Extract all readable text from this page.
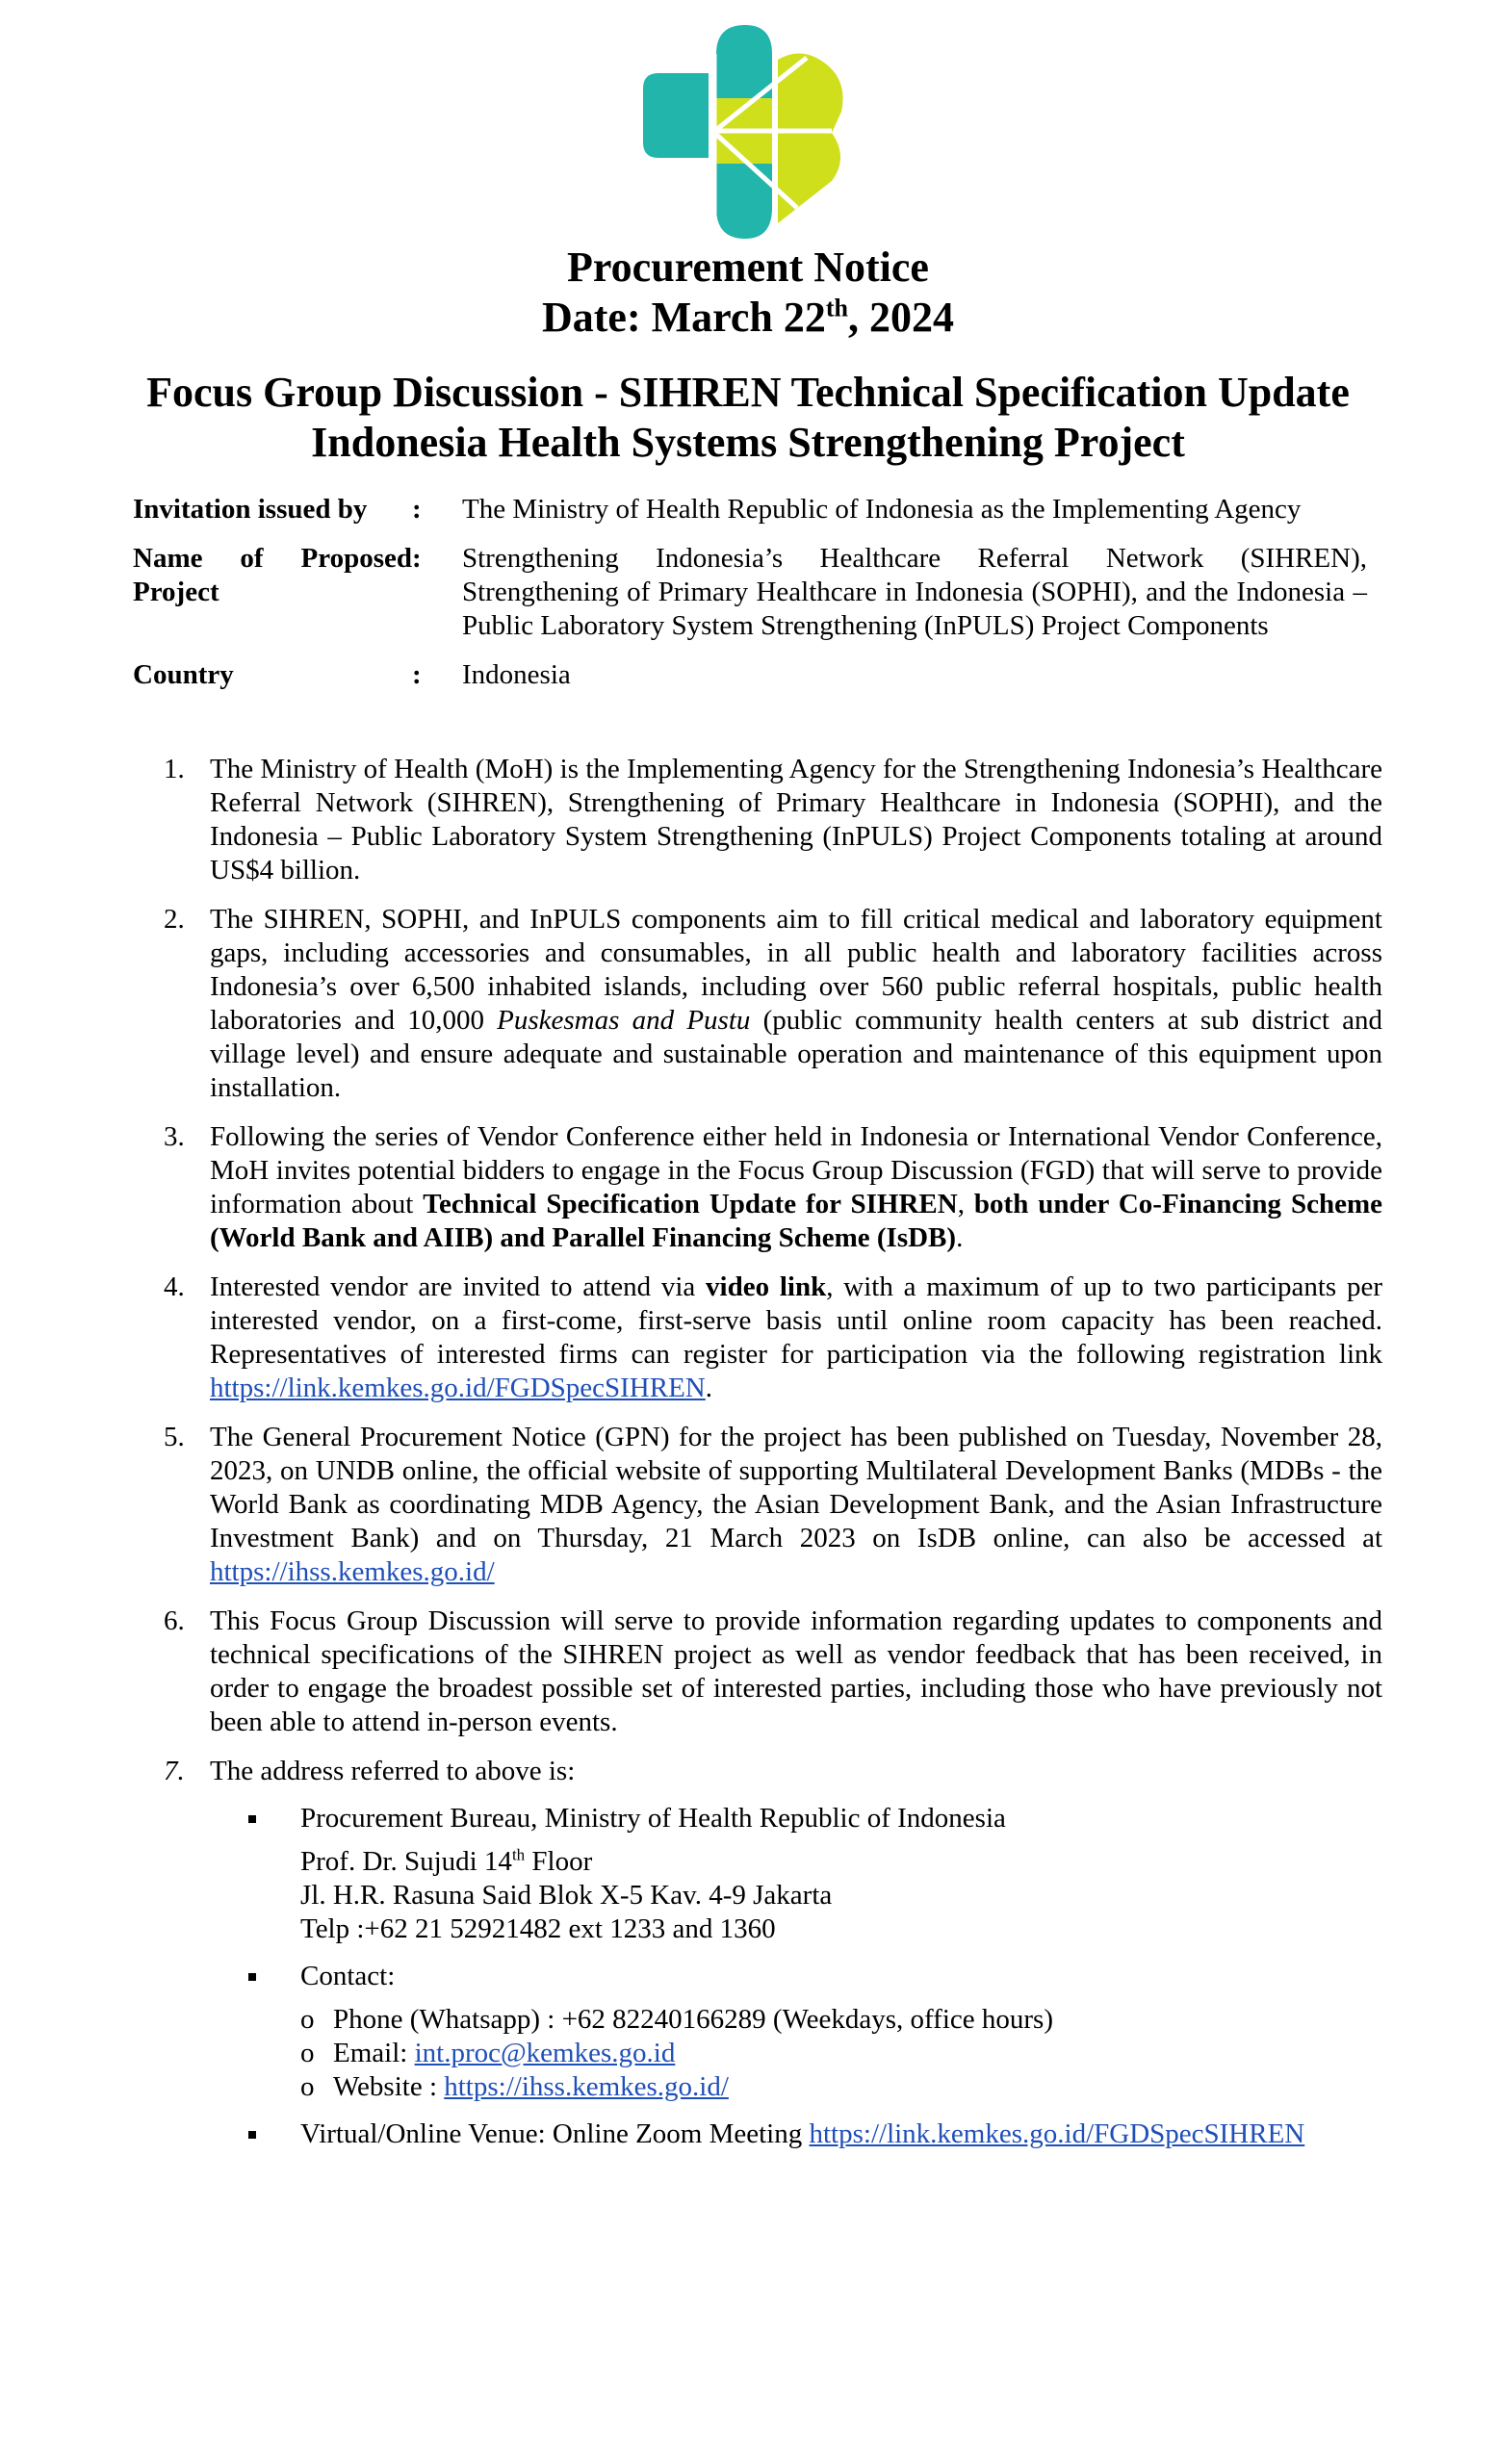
Procurement Notice
Date: March 22th, 2024
Focus Group Discussion - SIHREN Technical Specification Update
Indonesia Health Systems Strengthening Project
Invitation issued by	:	The Ministry of Health Republic of Indonesia as the Implementing Agency
Name of Proposed Project	:	Strengthening Indonesia’s Healthcare Referral Network (SIHREN), Strengthening of Primary Healthcare in Indonesia (SOPHI), and the Indonesia – Public Laboratory System Strengthening (InPULS) Project Components
Country	:	Indonesia
1. The Ministry of Health (MoH) is the Implementing Agency for the Strengthening Indonesia’s Healthcare Referral Network (SIHREN), Strengthening of Primary Healthcare in Indonesia (SOPHI), and the Indonesia – Public Laboratory System Strengthening (InPULS) Project Components totaling at around US$4 billion.
2. The SIHREN, SOPHI, and InPULS components aim to fill critical medical and laboratory equipment gaps, including accessories and consumables, in all public health and laboratory facilities across Indonesia’s over 6,500 inhabited islands, including over 560 public referral hospitals, public health laboratories and 10,000 Puskesmas and Pustu (public community health centers at sub district and village level) and ensure adequate and sustainable operation and maintenance of this equipment upon installation.
3. Following the series of Vendor Conference either held in Indonesia or International Vendor Conference, MoH invites potential bidders to engage in the Focus Group Discussion (FGD) that will serve to provide information about Technical Specification Update for SIHREN, both under Co-Financing Scheme (World Bank and AIIB) and Parallel Financing Scheme (IsDB).
4. Interested vendor are invited to attend via video link, with a maximum of up to two participants per interested vendor, on a first-come, first-serve basis until online room capacity has been reached. Representatives of interested firms can register for participation via the following registration link https://link.kemkes.go.id/FGDSpecSIHREN.
5. The General Procurement Notice (GPN) for the project has been published on Tuesday, November 28, 2023, on UNDB online, the official website of supporting Multilateral Development Banks (MDBs - the World Bank as coordinating MDB Agency, the Asian Development Bank, and the Asian Infrastructure Investment Bank) and on Thursday, 21 March 2023 on IsDB online, can also be accessed at https://ihss.kemkes.go.id/
6. This Focus Group Discussion will serve to provide information regarding updates to components and technical specifications of the SIHREN project as well as vendor feedback that has been received, in order to engage the broadest possible set of interested parties, including those who have previously not been able to attend in-person events.
7. The address referred to above is:
Procurement Bureau, Ministry of Health Republic of Indonesia
Prof. Dr. Sujudi 14th Floor
Jl. H.R. Rasuna Said Blok X-5 Kav. 4-9 Jakarta
Telp :+62 21 52921482 ext 1233 and 1360
Contact:
o Phone (Whatsapp) : +62 82240166289 (Weekdays, office hours)
o Email: int.proc@kemkes.go.id
o Website : https://ihss.kemkes.go.id/
Virtual/Online Venue: Online Zoom Meeting https://link.kemkes.go.id/FGDSpecSIHREN
